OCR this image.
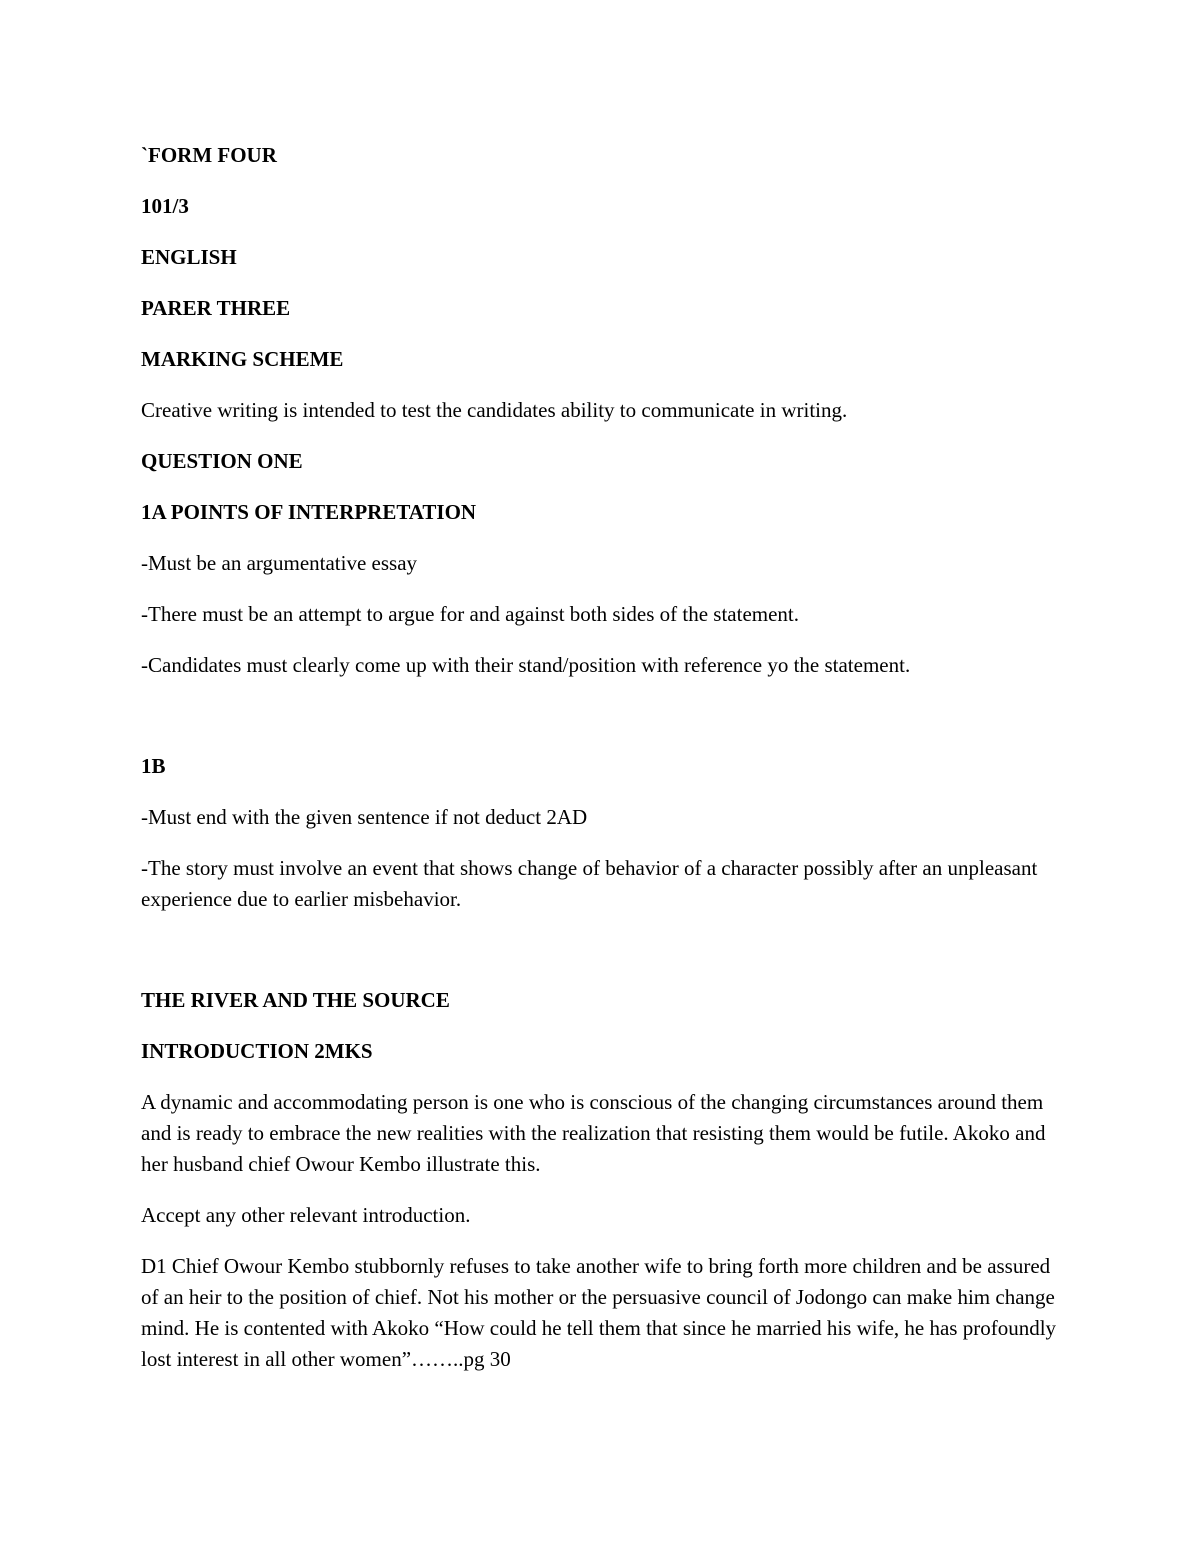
`FORM FOUR

101/3

ENGLISH

PARER THREE

MARKING SCHEME

Creative writing is intended to test the candidates ability to communicate in writing.

QUESTION ONE

1A POINTS OF INTERPRETATION

-Must be an argumentative essay

-There must be an attempt to argue for and against both sides of the statement.

-Candidates must clearly come up with their stand/position with reference yo the statement.

1B

-Must end with the given sentence if not deduct 2AD

-The story must involve an event that shows change of behavior of a character possibly after an unpleasant experience due to earlier misbehavior.

THE RIVER AND THE SOURCE

INTRODUCTION 2MKS

A dynamic and accommodating person is one who is conscious of the changing circumstances around them and is ready to embrace the new realities with the realization that resisting them would be futile. Akoko and her husband chief Owour Kembo illustrate this.

Accept any other relevant introduction.

D1 Chief Owour Kembo stubbornly refuses to take another wife to bring forth more children and be assured of an heir to the position of chief. Not his mother or the persuasive council of Jodongo can make him change mind. He is contented with Akoko “How could he tell them that since he married his wife, he has profoundly lost interest in all other women”……..pg 30
